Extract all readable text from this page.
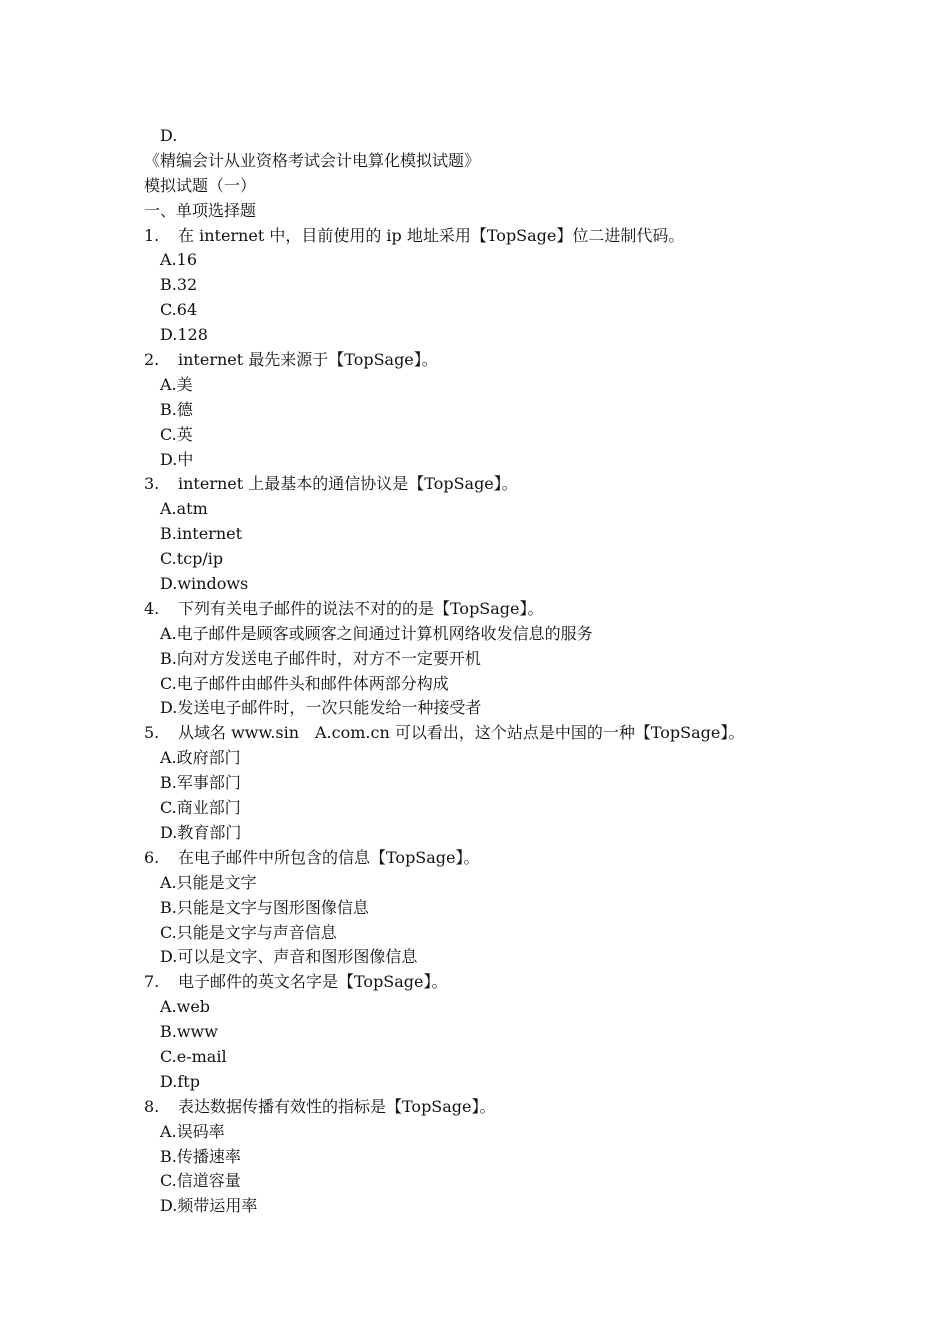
D.
《精编会计从业资格考试会计电算化模拟试题》
模拟试题（一）
一、单项选择题
1. 在 internet 中，目前使用的 ip 地址采用【TopSage】位二进制代码。
A.16
B.32
C.64
D.128
2. internet 最先来源于【TopSage】。
A.美
B.德
C.英
D.中
3. internet 上最基本的通信协议是【TopSage】。
A.atm
B.internet
C.tcp/ip
D.windows
4. 下列有关电子邮件的说法不对的的是【TopSage】。
A.电子邮件是顾客或顾客之间通过计算机网络收发信息的服务
B.向对方发送电子邮件时，对方不一定要开机
C.电子邮件由邮件头和邮件体两部分构成
D.发送电子邮件时，一次只能发给一种接受者
5. 从域名 www.sin　A.com.cn 可以看出，这个站点是中国的一种【TopSage】。
A.政府部门
B.军事部门
C.商业部门
D.教育部门
6. 在电子邮件中所包含的信息【TopSage】。
A.只能是文字
B.只能是文字与图形图像信息
C.只能是文字与声音信息
D.可以是文字、声音和图形图像信息
7. 电子邮件的英文名字是【TopSage】。
A.web
B.www
C.e-mail
D.ftp
8. 表达数据传播有效性的指标是【TopSage】。
A.误码率
B.传播速率
C.信道容量
D.频带运用率
